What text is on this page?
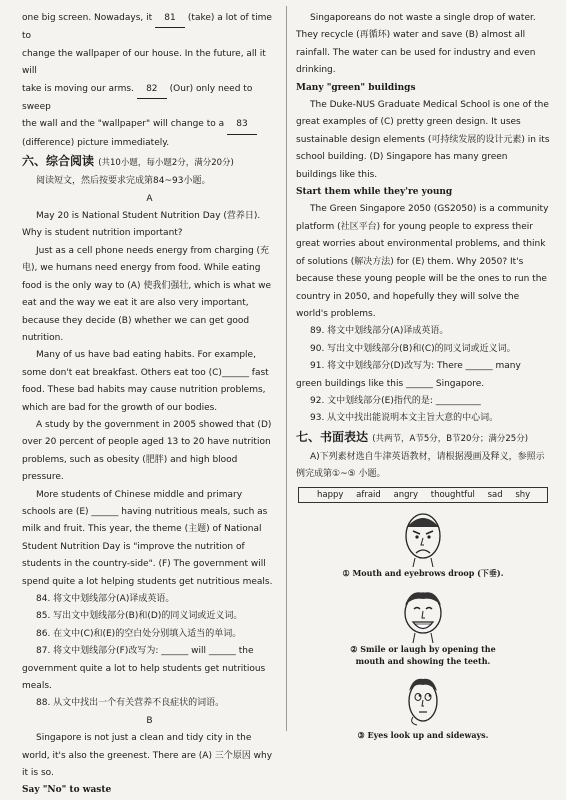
one big screen. Nowadays, it 81 (take) a lot of time to

change the wallpaper of our house. In the future, all it will

take is moving our arms. 82 (Our) only need to sweep

the wall and the "wallpaper" will change to a 83

(difference) picture immediately.

六、综合阅读 (共10小题，每小题2分，满分20分)

阅读短文，然后按要求完成第84~93小题。

A

May 20 is National Student Nutrition Day (营养日). Why is student nutrition important?

Just as a cell phone needs energy from charging (充电), we humans need energy from food. While eating food is the only way to (A) 使我们强壮, which is what we eat and the way we eat it are also very important, because they decide (B) whether we can get good nutrition.

Many of us have bad eating habits. For example, some don't eat breakfast. Others eat too (C)______ fast food. These bad habits may cause nutrition problems, which are bad for the growth of our bodies.

A study by the government in 2005 showed that (D) over 20 percent of people aged 13 to 20 have nutrition problems, such as obesity (肥胖) and high blood pressure.

More students of Chinese middle and primary schools are (E) ______ having nutritious meals, such as milk and fruit. This year, the theme (主题) of National Student Nutrition Day is "improve the nutrition of students in the country-side". (F) The government will spend quite a lot helping students get nutritious meals.

84. 将文中划线部分(A)译成英语。

85. 写出文中划线部分(B)和(D)的同义词或近义词。

86. 在文中(C)和(E)的空白处分别填入适当的单词。

87. 将文中划线部分(F)改写为: ______ will ______ the

government quite a lot to help students get nutritious meals.

88. 从文中找出一个有关营养不良症状的词语。

B

Singapore is not just a clean and tidy city in the world, it's also the greenest. There are (A) 三个原因 why it is so.

Say "No" to waste

Singaporeans do not waste a single drop of water. They recycle (再循环) water and save (B) almost all rainfall. The water can be used for industry and even drinking.

Many "green" buildings

The Duke-NUS Graduate Medical School is one of the great examples of (C) pretty green design. It uses sustainable design elements (可持续发展的设计元素) in its school building. (D) Singapore has many green buildings like this.

Start them while they're young

The Green Singapore 2050 (GS2050) is a community platform (社区平台) for young people to express their great worries about environmental problems, and think of solutions (解决方法) for (E) them. Why 2050? It's because these young people will be the ones to run the country in 2050, and hopefully they will solve the world's problems.

89. 将文中划线部分(A)译成英语。

90. 写出文中划线部分(B)和(C)的同义词或近义词。

91. 将文中划线部分(D)改写为: There ______ many

green buildings like this ______ Singapore.

92. 文中划线部分(E)指代的是: __________

93. 从文中找出能说明本文主旨大意的中心词。

七、书面表达 (共两节，A节5分，B节20分；满分25分)

A)下列素材选自牛津英语教材，请根据漫画及释义，参照示例完成第①~⑤ 小题。

happy afraid angry thoughtful sad shy

① Mouth and eyebrows droop (下垂).

② Smile or laugh by opening the

mouth and showing the teeth.

③ Eyes look up and sideways.
